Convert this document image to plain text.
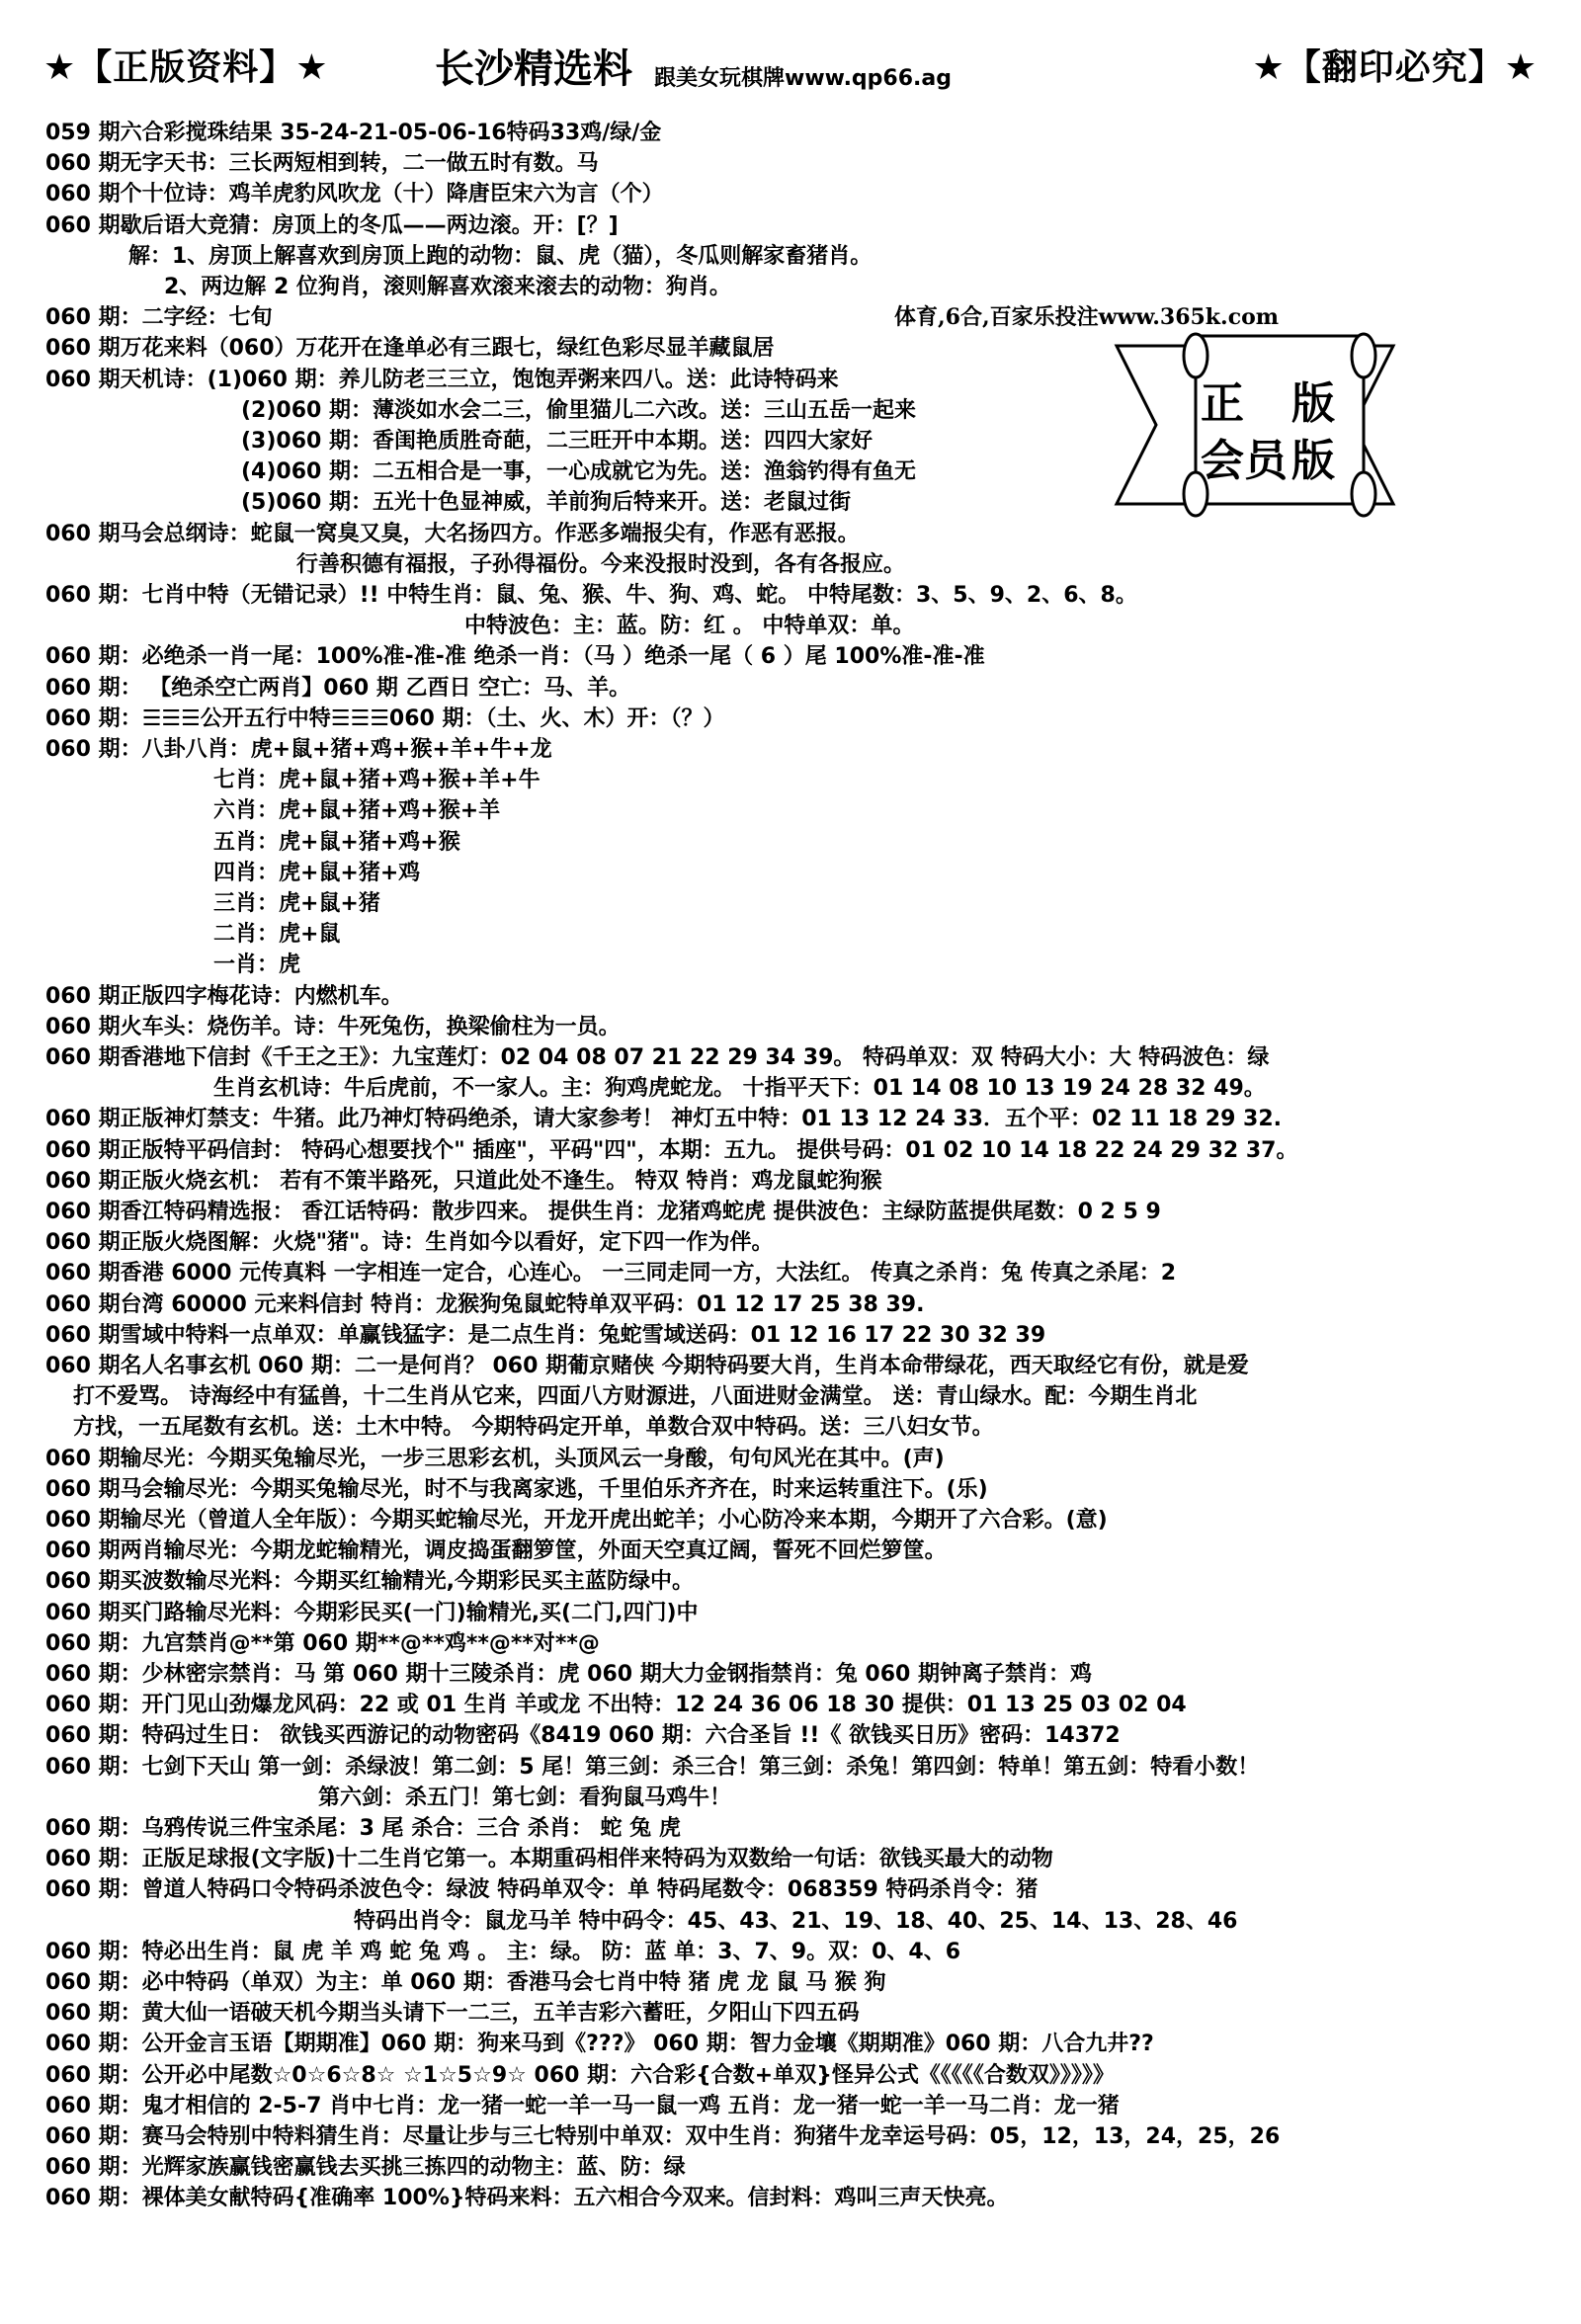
★【正版资料】★	长沙精选料 跟美女玩棋牌www.qp66.ag	★【翻印必究】★
059 期六合彩搅珠结果 35-24-21-05-06-16特码33鸡/绿/金
060 期无字天书：三长两短相到转，二一做五时有数。马
060 期个十位诗：鸡羊虎豹风吹龙（十）降唐臣宋六为言（个）
060 期歇后语大竞猜：房顶上的冬瓜——两边滚。开：[？]
解：1、房顶上解喜欢到房顶上跑的动物：鼠、虎（猫），冬瓜则解家畜猪肖。
2、两边解 2 位狗肖，滚则解喜欢滚来滚去的动物：狗肖。
060 期：二字经：七旬
060 期万花来料（060）万花开在逢单必有三跟七，绿红色彩尽显羊藏鼠居
060 期天机诗：(1)060 期：养儿防老三三立，饱饱弄粥来四八。送：此诗特码来
(2)060 期：薄淡如水会二三，偷里猫儿二六改。送：三山五岳一起来
(3)060 期：香闺艳质胜奇葩，二三旺开中本期。送：四四大家好
(4)060 期：二五相合是一事，一心成就它为先。送：渔翁钓得有鱼无
(5)060 期：五光十色显神威，羊前狗后特来开。送：老鼠过街
060 期马会总纲诗：蛇鼠一窝臭又臭，大名扬四方。作恶多端报尖有，作恶有恶报。
行善积德有福报，子孙得福份。今来没报时没到，各有各报应。
060 期：七肖中特（无错记录）!! 中特生肖：鼠、兔、猴、牛、狗、鸡、蛇。 中特尾数：3、5、9、2、6、8。
中特波色：主：蓝。防：红 。 中特单双：单。
060 期：必绝杀一肖一尾：100%准-准-准 绝杀一肖：（马 ）绝杀一尾（ 6 ）尾 100%准-准-准
060 期： 【绝杀空亡两肖】060 期 乙酉日 空亡：马、羊。
060 期：☰☰☰公开五行中特☰☰☰060 期：（土、火、木）开：（？）
060 期：八卦八肖：虎+鼠+猪+鸡+猴+羊+牛+龙
七肖：虎+鼠+猪+鸡+猴+羊+牛
六肖：虎+鼠+猪+鸡+猴+羊
五肖：虎+鼠+猪+鸡+猴
四肖：虎+鼠+猪+鸡
三肖：虎+鼠+猪
二肖：虎+鼠
一肖：虎
060 期正版四字梅花诗：内燃机车。
060 期火车头：烧伤羊。诗：牛死兔伤，换梁偷柱为一员。
060 期香港地下信封《千王之王》：九宝莲灯：02 04 08 07 21 22 29 34 39。 特码单双：双 特码大小：大 特码波色：绿
生肖玄机诗：牛后虎前，不一家人。主：狗鸡虎蛇龙。 十指平天下：01 14 08 10 13 19 24 28 32 49。
060 期正版神灯禁支：牛猪。此乃神灯特码绝杀，请大家参考！ 神灯五中特：01 13 12 24 33．五个平：02 11 18 29 32.
060 期正版特平码信封： 特码心想要找个" 插座"，平码"四"，本期：五九。 提供号码：01 02 10 14 18 22 24 29 32 37。
060 期正版火烧玄机： 若有不策半路死，只道此处不逢生。 特双 特肖：鸡龙鼠蛇狗猴
060 期香江特码精选报： 香江话特码：散步四来。 提供生肖：龙猪鸡蛇虎 提供波色：主绿防蓝提供尾数：0 2 5 9
060 期正版火烧图解：火烧"猪"。诗：生肖如今以看好，定下四一作为伴。
060 期香港 6000 元传真料 一字相连一定合，心连心。 一三同走同一方，大法红。 传真之杀肖：兔 传真之杀尾：2
060 期台湾 60000 元来料信封 特肖：龙猴狗兔鼠蛇特单双平码：01 12 17 25 38 39.
060 期雪域中特料一点单双：单赢钱猛字：是二点生肖：兔蛇雪域送码：01 12 16 17 22 30 32 39
060 期名人名事玄机 060 期：二一是何肖？ 060 期葡京赌侠 今期特码要大肖，生肖本命带绿花，西天取经它有份，就是爱
打不爱骂。 诗海经中有猛兽，十二生肖从它来，四面八方财源进，八面进财金满堂。 送：青山绿水。配：今期生肖北
方找，一五尾数有玄机。送：土木中特。 今期特码定开单，单数合双中特码。送：三八妇女节。
060 期输尽光：今期买兔输尽光，一步三思彩玄机，头顶风云一身酸，句句风光在其中。(声)
060 期马会输尽光：今期买兔输尽光，时不与我离家逃，千里伯乐齐齐在，时来运转重注下。(乐)
060 期输尽光（曾道人全年版）：今期买蛇输尽光，开龙开虎出蛇羊；小心防冷来本期，今期开了六合彩。(意)
060 期两肖输尽光：今期龙蛇输精光，调皮捣蛋翻箩筐，外面天空真辽阔，誓死不回烂箩筐。
060 期买波数输尽光料：今期买红输精光,今期彩民买主蓝防绿中。
060 期买门路输尽光料：今期彩民买(一门)输精光,买(二门,四门)中
060 期：九宫禁肖@**第 060 期**@**鸡**@**对**@
060 期：少林密宗禁肖：马 第 060 期十三陵杀肖：虎 060 期大力金钢指禁肖：兔 060 期钟离子禁肖：鸡
060 期：开门见山劲爆龙风码：22 或 01 生肖 羊或龙 不出特：12 24 36 06 18 30 提供：01 13 25 03 02 04
060 期：特码过生日： 欲钱买西游记的动物密码《8419 060 期：六合圣旨 !!《 欲钱买日历》密码：14372
060 期：七剑下天山 第一剑：杀绿波！第二剑：5 尾！第三剑：杀三合！第三剑：杀兔！第四剑：特单！第五剑：特看小数！
第六剑：杀五门！第七剑：看狗鼠马鸡牛！
060 期：乌鸦传说三件宝杀尾：3 尾 杀合：三合 杀肖： 蛇 兔 虎
060 期：正版足球报(文字版)十二生肖它第一。本期重码相伴来特码为双数给一句话：欲钱买最大的动物
060 期：曾道人特码口令特码杀波色令：绿波 特码单双令：单 特码尾数令：068359 特码杀肖令：猪
特码出肖令：鼠龙马羊 特中码令：45、43、21、19、18、40、25、14、13、28、46
060 期：特必出生肖：鼠 虎 羊 鸡 蛇 兔 鸡 。 主：绿。 防：蓝 单：3、7、9。双：0、4、6
060 期：必中特码（单双）为主：单 060 期：香港马会七肖中特 猪 虎 龙 鼠 马 猴 狗
060 期：黄大仙一语破天机今期当头请下一二三，五羊吉彩六蓄旺，夕阳山下四五码
060 期：公开金言玉语【期期准】060 期：狗来马到《???》 060 期：智力金壤《期期准》060 期：八合九井??
060 期：公开必中尾数☆0☆6☆8☆ ☆1☆5☆9☆ 060 期：六合彩{合数+单双}怪异公式《《《《《合数双》》》》》
060 期：鬼才相信的 2-5-7 肖中七肖：龙一猪一蛇一羊一马一鼠一鸡 五肖：龙一猪一蛇一羊一马二肖：龙一猪
060 期：赛马会特别中特料猜生肖：尽量让步与三七特别中单双：双中生肖：狗猪牛龙幸运号码：05，12，13，24，25，26
060 期：光辉家族赢钱密赢钱去买挑三拣四的动物主：蓝、防：绿
060 期：裸体美女献特码{准确率 100%}特码来料：五六相合今双来。信封料：鸡叫三声天快亮。
体育,6合,百家乐投注www.365k.com
正 版
会员版
